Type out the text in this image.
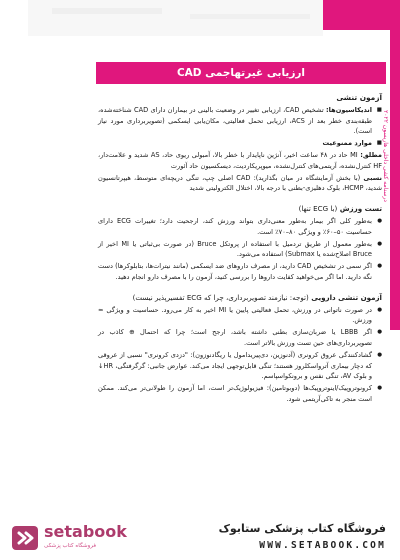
درسنامه کشی داخلی هاریسون ۲۰۲۲
ارزیابی غیرتهاجمی CAD
آزمون تنشی
■ اندیکاسیون‌ها: تشخیص CAD، ارزیابی تغییر در وضعیت بالینی در بیماران دارای CAD شناخته‌شده، طبقه‌بندی خطر بعد از ACS، ارزیابی تحمل فعالیتی، مکان‌یابی ایسکمی (تصویربرداری مورد نیاز است).
■ موارد ممنوعیت
مطلق: MI حاد در ۴۸ ساعت اخیر، آنژین ناپایدار با خطر بالا، آمبولی ریوی حاد، AS شدید و علامت‌دار، HF کنترل‌نشده، آریتمی‌های کنترل‌نشده، میوپریکاردیت، دیسکسیون حاد آئورت
نسبی (با بخش آزمایشگاه در میان بگذارید): CAD اصلی چپ، تنگی دریچه‌ای متوسط، هیپرتانسیون شدید، HCMP، بلوک دهلیزی-بطنی با درجه بالا، اختلال الکترولیتی شدید
تست ورزش (با ECG تنها)
● به‌طور کلی اگر بیمار به‌طور معنی‌داری بتواند ورزش کند، ارجحیت دارد؛ تغییرات ECG دارای حساسیت ۵۰–۶۰٪ و ویژگی ۸۰–۷۰٪ است.
● به‌طور معمول از طریق تردمیل با استفاده از پروتکل Bruce (در صورت بی‌ثباتی یا MI اخیر از Bruce اصلاح‌شده یا Submax) استفاده می‌شود.
● اگر سمی در تشخیص CAD دارید، از مصرف داروهای ضد ایسکمی (مانند نیترات‌ها، بتابلوکرها) دست نگه دارید. اما اگر می‌خواهید کفایت داروها را بررسی کنید، آزمون را با مصرف دارو انجام دهید.
آزمون تنشی دارویی (توجه: نیازمند تصویربرداری، چرا که ECG تفسیرپذیر نیست)
● در صورت ناتوانی در ورزش، تحمل فعالیتی پایین یا MI اخیر به کار می‌رود. حساسیت و ویژگی ≈ ورزش.
● اگر LBBB یا ضربان‌سازی بطنی داشته باشد، ارجح است؛ چرا که احتمال ⊕ کاذب در تصویربرداری‌های حین تست ورزش بالاتر است.
● گشادکنندگی عروق کرونری (آدنوزین، دی‌پیریدامول یا ریگادنوزون): "دزدی کرونری" نسبی از عروقی که دچار بیماری آترواسکلروز هستند؛ تنگی قابل‌توجهی ایجاد می‌کند. عوارض جانبی: گرگرفتگی، HR↓ و بلوک AV، تنگی نفس و برونکواسپاسم.
● کرونوتروپیک/اینوتروپیک‌ها (دوبوتامین): فیزیولوژیک‌تر است، اما آزمون را طولانی‌تر می‌کند. ممکن است منجر به تاکی‌آریتمی شود.
setabook
فروشگاه کتاب پزشکی
فروشگاه کتاب پزشکی ستابوک
WWW.SETABOOK.COM
